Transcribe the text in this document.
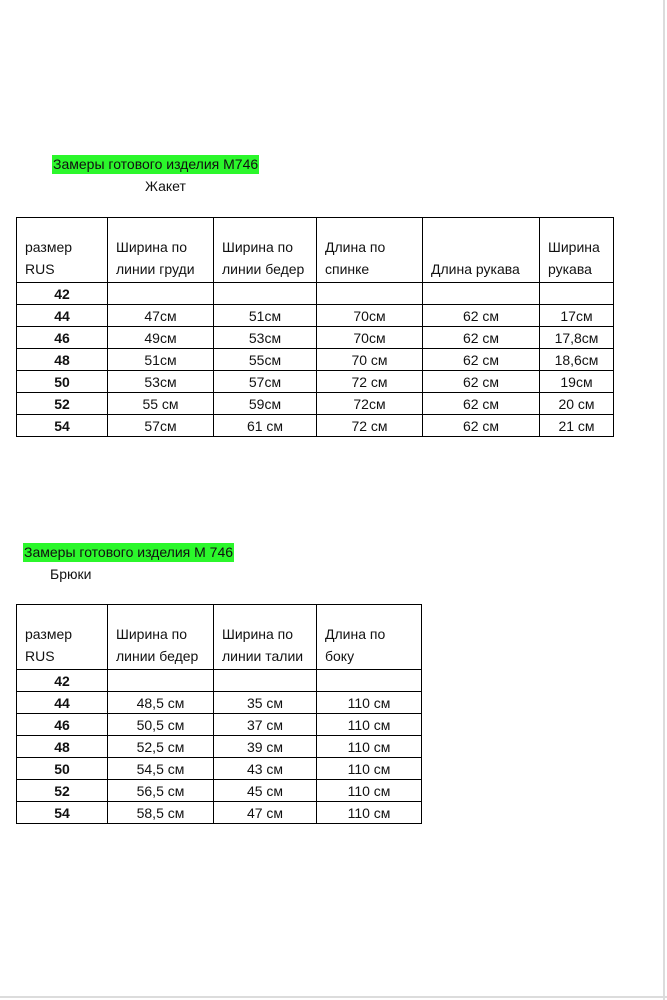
Замеры готового изделия М746
Жакет
размер RUS	Ширина по линии груди	Ширина по линии бедер	Длина по спинке	Длина рукава	Ширина рукава
42					
44	47см	51см	70см	62 см	17см
46	49см	53см	70см	62 см	17,8см
48	51см	55см	70 см	62 см	18,6см
50	53см	57см	72 см	62 см	19см
52	55 см	59см	72см	62 см	20 см
54	57см	61 см	72 см	62 см	21 см
Замеры готового изделия М 746
Брюки
размер RUS	Ширина по линии бедер	Ширина по линии талии	Длина по боку
42			
44	48,5 см	35 см	110 см
46	50,5 см	37 см	110 см
48	52,5 см	39 см	110 см
50	54,5 см	43 см	110 см
52	56,5 см	45 см	110 см
54	58,5 см	47 см	110 см
